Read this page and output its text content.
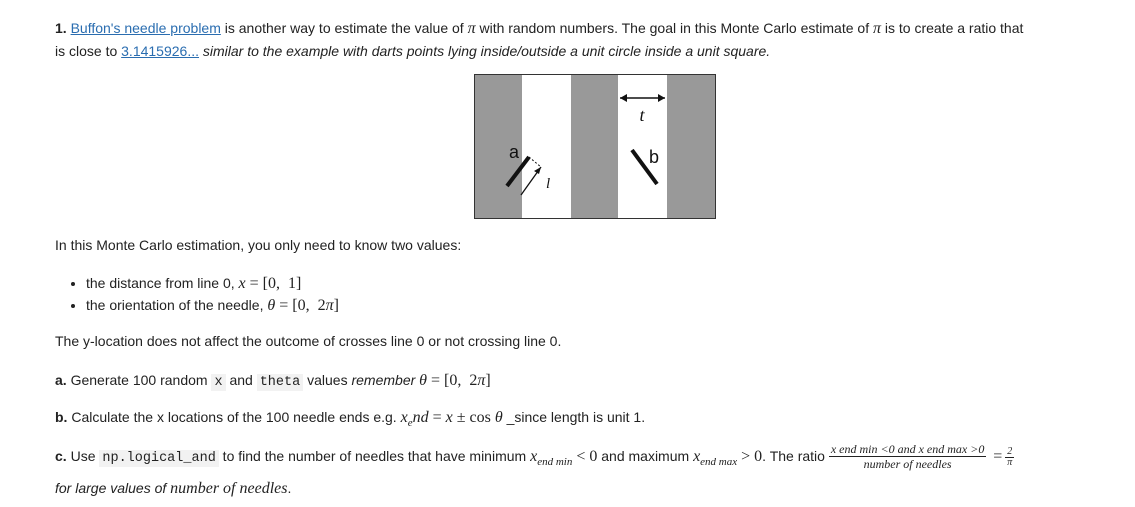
1. Buffon's needle problem is another way to estimate the value of π with random numbers. The goal in this Monte Carlo estimate of π is to create a ratio that
is close to 3.1415926... similar to the example with darts points lying inside/outside a unit circle inside a unit square.
t
a
l
b
In this Monte Carlo estimation, you only need to know two values:
• the distance from line 0, x = [0,  1]
• the orientation of the needle, θ = [0,  2π]
The y-location does not affect the outcome of crosses line 0 or not crossing line 0.
a. Generate 100 random x and theta values remember θ = [0,  2π]
b. Calculate the x locations of the 100 needle ends e.g. $x_end = x \pm \cos \theta$ _since length is unit 1.
c. Use np.logical_and to find the number of needles that have minimum $x_{end min} < 0$ and maximum $x_{end max} > 0$. The ratio $\frac{\text{x end min <0 and x end max >0}}{\text{number of needles}} = \frac{2}{\pi}$

for large values of number of needles.
